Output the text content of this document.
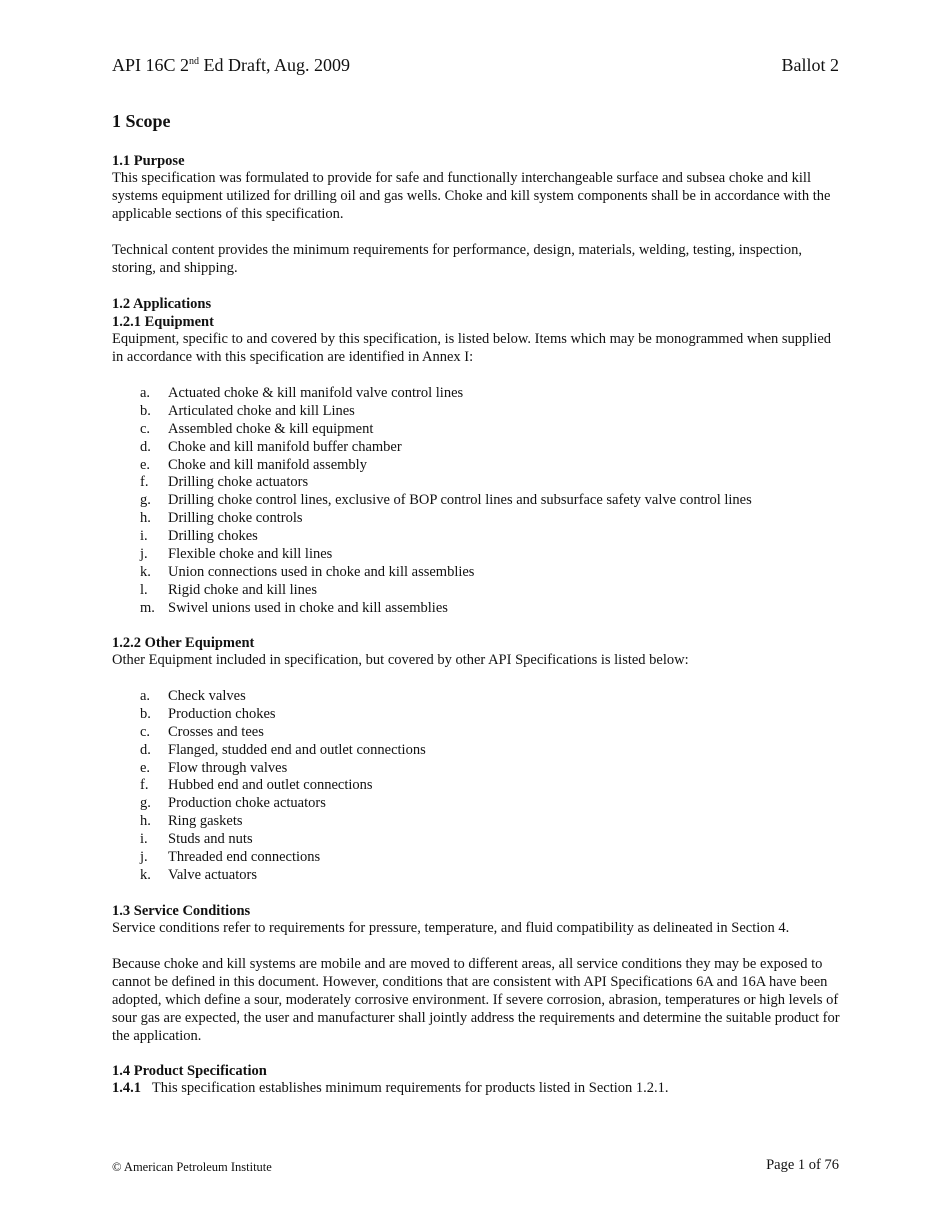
API 16C 2nd Ed Draft, Aug. 2009	Ballot 2
1 Scope
1.1 Purpose
This specification was formulated to provide for safe and functionally interchangeable surface and subsea choke and kill systems equipment utilized for drilling oil and gas wells. Choke and kill system components shall be in accordance with the applicable sections of this specification.
Technical content provides the minimum requirements for performance, design, materials, welding, testing, inspection, storing, and shipping.
1.2 Applications
1.2.1 Equipment
Equipment, specific to and covered by this specification, is listed below. Items which may be monogrammed when supplied in accordance with this specification are identified in Annex I:
a. Actuated choke & kill manifold valve control lines
b. Articulated choke and kill Lines
c. Assembled choke & kill equipment
d. Choke and kill manifold buffer chamber
e. Choke and kill manifold assembly
f. Drilling choke actuators
g. Drilling choke control lines, exclusive of BOP control lines and subsurface safety valve control lines
h. Drilling choke controls
i. Drilling chokes
j. Flexible choke and kill lines
k. Union connections used in choke and kill assemblies
l. Rigid choke and kill lines
m. Swivel unions used in choke and kill assemblies
1.2.2 Other Equipment
Other Equipment included in specification, but covered by other API Specifications is listed below:
a. Check valves
b. Production chokes
c. Crosses and tees
d. Flanged, studded end and outlet connections
e. Flow through valves
f. Hubbed end and outlet connections
g. Production choke actuators
h. Ring gaskets
i. Studs and nuts
j. Threaded end connections
k. Valve actuators
1.3 Service Conditions
Service conditions refer to requirements for pressure, temperature, and fluid compatibility as delineated in Section 4.
Because choke and kill systems are mobile and are moved to different areas, all service conditions they may be exposed to cannot be defined in this document. However, conditions that are consistent with API Specifications 6A and 16A have been adopted, which define a sour, moderately corrosive environment. If severe corrosion, abrasion, temperatures or high levels of sour gas are expected, the user and manufacturer shall jointly address the requirements and determine the suitable product for the application.
1.4 Product Specification
1.4.1 This specification establishes minimum requirements for products listed in Section 1.2.1.
© American Petroleum Institute	Page 1 of 76
